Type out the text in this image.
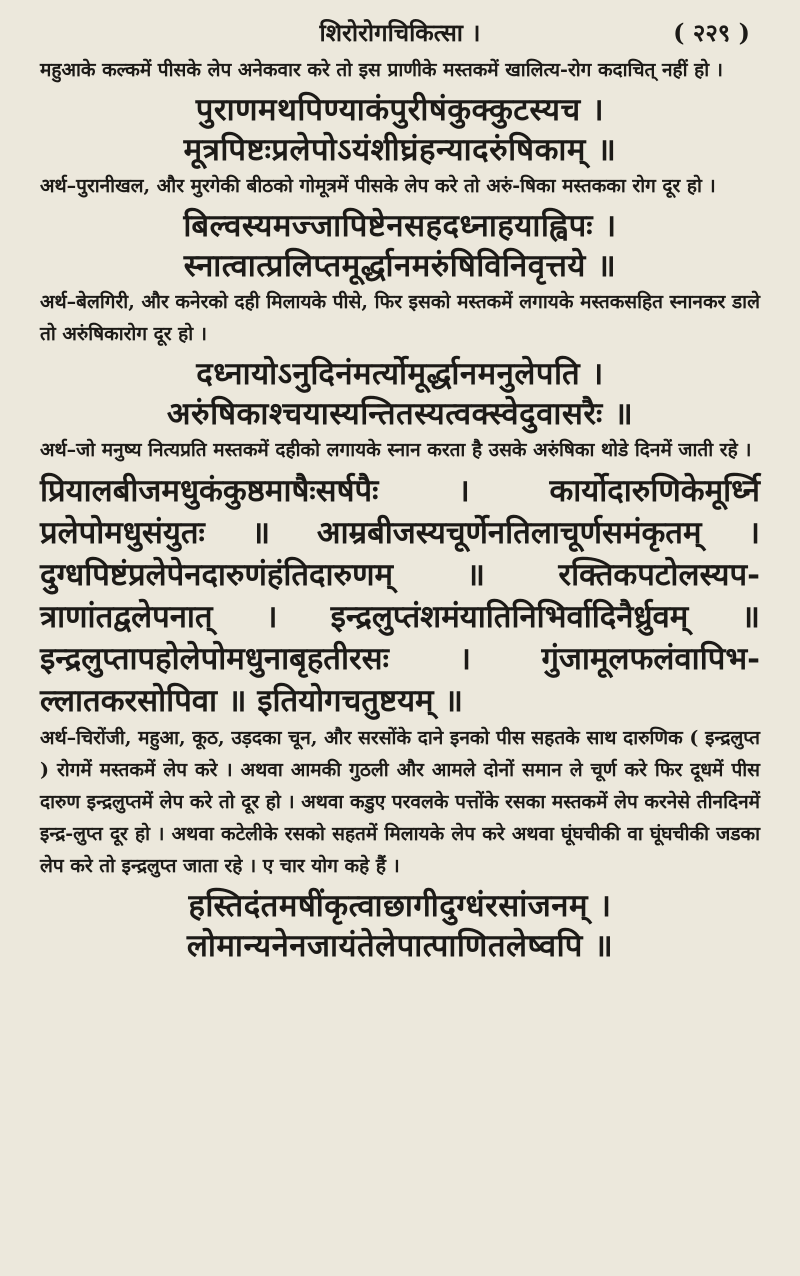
शिरोरोगचिकित्सा ।	( २२९ )

महुआके कल्कमें पीसके लेप अनेकवार करे तो इस प्राणीके मस्तकमें खालित्य-रोग कदाचित् नहीं हो ।

पुराणमथपिण्याकंपुरीषंकुक्कुटस्यच ।

मूत्रपिष्टःप्रलेपोऽयंशीघ्रंहन्यादरुंषिकाम् ॥

अर्थ–पुरानीखल, और मुरगेकी बीठको गोमूत्रमें पीसके लेप करे तो अरुं-षिका मस्तकका रोग दूर हो ।

बिल्वस्यमज्जापिष्टेनसहदध्नाहयाह्विपः ।

स्नात्वात्प्रलिप्तमूर्द्धानमरुंषिविनिवृत्तये ॥

अर्थ–बेलगिरी, और कनेरको दही मिलायके पीसे, फिर इसको मस्तकमें लगायके मस्तकसहित स्नानकर डाले तो अरुंषिकारोग दूर हो ।

दध्नायोऽनुदिनंमर्त्योमूर्द्धानमनुलेपति ।

अरुंषिकाश्चयास्यन्तितस्यत्वक्स्वेदुवासरैः ॥

अर्थ–जो मनुष्य नित्यप्रति मस्तकमें दहीको लगायके स्नान करता है उसके अरुंषिका थोडे दिनमें जाती रहे ।

प्रियालबीजमधुकंकुष्ठमाषैःसर्षपैः । कार्योदारुणिकेमूर्ध्नि प्रलेपोमधुसंयुतः ॥ आम्रबीजस्यचूर्णेनतिलाचूर्णसमंकृतम् । दुग्धपिष्टंप्रलेपेनदारुणंहंतिदारुणम् ॥ रक्तिकपटोलस्यप-त्राणांतद्वलेपनात् । इन्द्रलुप्तंशमंयातिनिभिर्वादिनैर्ध्रुवम् ॥ इन्द्रलुप्तापहोलेपोमधुनाबृहतीरसः । गुंजामूलफलंवापिभ-ल्लातकरसोपिवा ॥ इतियोगचतुष्टयम् ॥

अर्थ–चिरोंजी, महुआ, कूठ, उड़दका चून, और सरसोंके दाने इनको पीस सहतके साथ दारुणिक ( इन्द्रलुप्त ) रोगमें मस्तकमें लेप करे । अथवा आमकी गुठली और आमले दोनों समान ले चूर्ण करे फिर दूधमें पीस दारुण इन्द्रलुप्तमें लेप करे तो दूर हो । अथवा कडुए परवलके पत्तोंके रसका मस्तकमें लेप करनेसे तीनदिनमें इन्द्र-लुप्त दूर हो । अथवा कटेलीके रसको सहतमें मिलायके लेप करे अथवा घूंघचीकी वा घूंघचीकी जडका लेप करे तो इन्द्रलुप्त जाता रहे । ए चार योग कहे हैं ।

हस्तिदंतमषींकृत्वाछागीदुग्धंरसांजनम् ।

लोमान्यनेनजायंतेलेपात्पाणितलेष्वपि ॥
